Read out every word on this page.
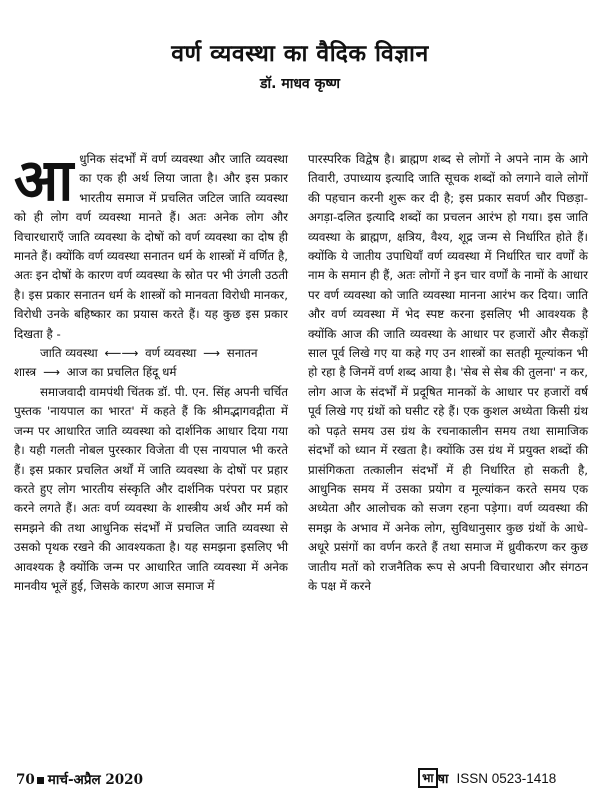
वर्ण व्यवस्था का वैदिक विज्ञान
डॉ. माधव कृष्ण

आधुनिक संदर्भों में वर्ण व्यवस्था और जाति व्यवस्था का एक ही अर्थ लिया जाता है। और इस प्रकार भारतीय समाज में प्रचलित जटिल जाति व्यवस्था को ही लोग वर्ण व्यवस्था मानते हैं। अतः अनेक लोग और विचारधाराएँ जाति व्यवस्था के दोषों को वर्ण व्यवस्था का दोष ही मानते हैं। क्योंकि वर्ण व्यवस्था सनातन धर्म के शास्त्रों में वर्णित है, अतः इन दोषों के कारण वर्ण व्यवस्था के स्रोत पर भी उंगली उठती है। इस प्रकार सनातन धर्म के शास्त्रों को मानवता विरोधी मानकर, विरोधी उनके बहिष्कार का प्रयास करते हैं। यह कुछ इस प्रकार दिखता है -

जाति व्यवस्था ⟵⟶ वर्ण व्यवस्था ⟶ सनातन

शास्त्र ⟶ आज का प्रचलित हिंदू धर्म

समाजवादी वामपंथी चिंतक डॉ. पी. एन. सिंह अपनी चर्चित पुस्तक 'नायपाल का भारत' में कहते हैं कि श्रीमद्भागवद्गीता में जन्म पर आधारित जाति व्यवस्था को दार्शनिक आधार दिया गया है। यही गलती नोबल पुरस्कार विजेता वी एस नायपाल भी करते हैं। इस प्रकार प्रचलित अर्थों में जाति व्यवस्था के दोषों पर प्रहार करते हुए लोग भारतीय संस्कृति और दार्शनिक परंपरा पर प्रहार करने लगते हैं। अतः वर्ण व्यवस्था के शास्त्रीय अर्थ और मर्म को समझने की तथा आधुनिक संदर्भों में प्रचलित जाति व्यवस्था से उसको पृथक रखने की आवश्यकता है। यह समझना इसलिए भी आवश्यक है क्योंकि जन्म पर आधारित जाति व्यवस्था में अनेक मानवीय भूलें हुई, जिसके कारण आज समाज में

पारस्परिक विद्वेष है। ब्राह्मण शब्द से लोगों ने अपने नाम के आगे तिवारी, उपाध्याय इत्यादि जाति सूचक शब्दों को लगाने वाले लोगों की पहचान करनी शुरू कर दी है; इस प्रकार सवर्ण और पिछड़ा-अगड़ा-दलित इत्यादि शब्दों का प्रचलन आरंभ हो गया। इस जाति व्यवस्था के ब्राह्मण, क्षत्रिय, वैश्य, शूद्र जन्म से निर्धारित होते हैं। क्योंकि ये जातीय उपाधियाँ वर्ण व्यवस्था में निर्धारित चार वर्णों के नाम के समान ही हैं, अतः लोगों ने इन चार वर्णों के नामों के आधार पर वर्ण व्यवस्था को जाति व्यवस्था मानना आरंभ कर दिया। जाति और वर्ण व्यवस्था में भेद स्पष्ट करना इसलिए भी आवश्यक है क्योंकि आज की जाति व्यवस्था के आधार पर हजारों और सैकड़ों साल पूर्व लिखे गए या कहे गए उन शास्त्रों का सतही मूल्यांकन भी हो रहा है जिनमें वर्ण शब्द आया है। 'सेब से सेब की तुलना' न कर, लोग आज के संदर्भों में प्रदूषित मानकों के आधार पर हजारों वर्ष पूर्व लिखे गए ग्रंथों को घसीट रहे हैं। एक कुशल अध्येता किसी ग्रंथ को पढ़ते समय उस ग्रंथ के रचनाकालीन समय तथा सामाजिक संदर्भों को ध्यान में रखता है। क्योंकि उस ग्रंथ में प्रयुक्त शब्दों की प्रासंगिकता तत्कालीन संदर्भों में ही निर्धारित हो सकती है, आधुनिक समय में उसका प्रयोग व मूल्यांकन करते समय एक अध्येता और आलोचक को सजग रहना पड़ेगा। वर्ण व्यवस्था की समझ के अभाव में अनेक लोग, सुविधानुसार कुछ ग्रंथों के आधे-अधूरे प्रसंगों का वर्णन करते हैं तथा समाज में ध्रुवीकरण कर कुछ जातीय मतों को राजनैतिक रूप से अपनी विचारधारा और संगठन के पक्ष में करने

70 मार्च-अप्रैल 2020	भा षा ISSN 0523-1418
